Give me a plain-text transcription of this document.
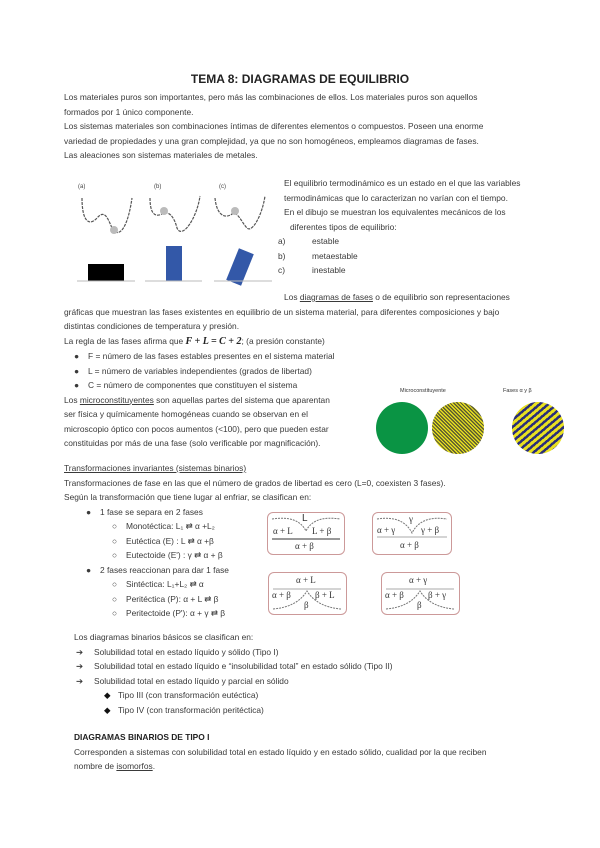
TEMA 8: DIAGRAMAS DE EQUILIBRIO
Los materiales puros son importantes, pero más las combinaciones de ellos. Los materiales puros son aquellos
formados por 1 único componente.
Los sistemas materiales son combinaciones íntimas de diferentes elementos o compuestos. Poseen una enorme
variedad de propiedades y una gran complejidad, ya que no son homogéneos, empleamos diagramas de fases.
Las aleaciones son sistemas materiales de metales.
(a)	(b)	(c)	El equilibrio termodinámico es un estado en el que las variables
termodinámicas que lo caracterizan no varían con el tiempo.
En el dibujo se muestran los equivalentes mecánicos de los
diferentes tipos de equilibrio:
a)	estable
b)	metaestable
c)	inestable
Los diagramas de fases o de equilibrio son representaciones
gráficas que muestran las fases existentes en equilibrio de un sistema material, para diferentes composiciones y bajo
distintas condiciones de temperatura y presión.
La regla de las fases afirma que F + L = C + 2; (a presión constante)
● F = número de las fases estables presentes en el sistema material
● L = número de variables independientes (grados de libertad)
● C = número de componentes que constituyen el sistema
Los microconstituyentes son aquellas partes del sistema que aparentan
ser física y químicamente homogéneas cuando se observan en el
microscopio óptico con pocos aumentos (<100), pero que pueden estar
constituidas por más de una fase (solo verificable por magnificación).
Microconstituyente	Fases α y β
Transformaciones invariantes (sistemas binarios)
Transformaciones de fase en las que el número de grados de libertad es cero (L=0, coexisten 3 fases).
Según la transformación que tiene lugar al enfriar, se clasifican en:
● 1 fase se separa en 2 fases
○ Monotéctica: L₁ ⇄ α +L₂
○ Eutéctica (E) : L ⇄ α +β
○ Eutectoide (E') : γ ⇄ α + β
● 2 fases reaccionan para dar 1 fase
○ Sintéctica: L₁+L₂ ⇄ α
○ Peritéctica (P): α + L ⇄ β
○ Peritectoide (P'): α + γ ⇄ β
L
α + L L + β
α + β
γ
α + γ	γ + β
α + β
α + L
α + β	β + L
β
α + γ
α + β	β + γ
β
Los diagramas binarios básicos se clasifican en:
➔ Solubilidad total en estado líquido y sólido (Tipo I)
➔ Solubilidad total en estado líquido e “insolubilidad total” en estado sólido (Tipo II)
➔ Solubilidad total en estado líquido y parcial en sólido
◆ Tipo III (con transformación eutéctica)
◆ Tipo IV (con transformación peritéctica)
DIAGRAMAS BINARIOS DE TIPO I
Corresponden a sistemas con solubilidad total en estado líquido y en estado sólido, cualidad por la que reciben
nombre de isomorfos.
